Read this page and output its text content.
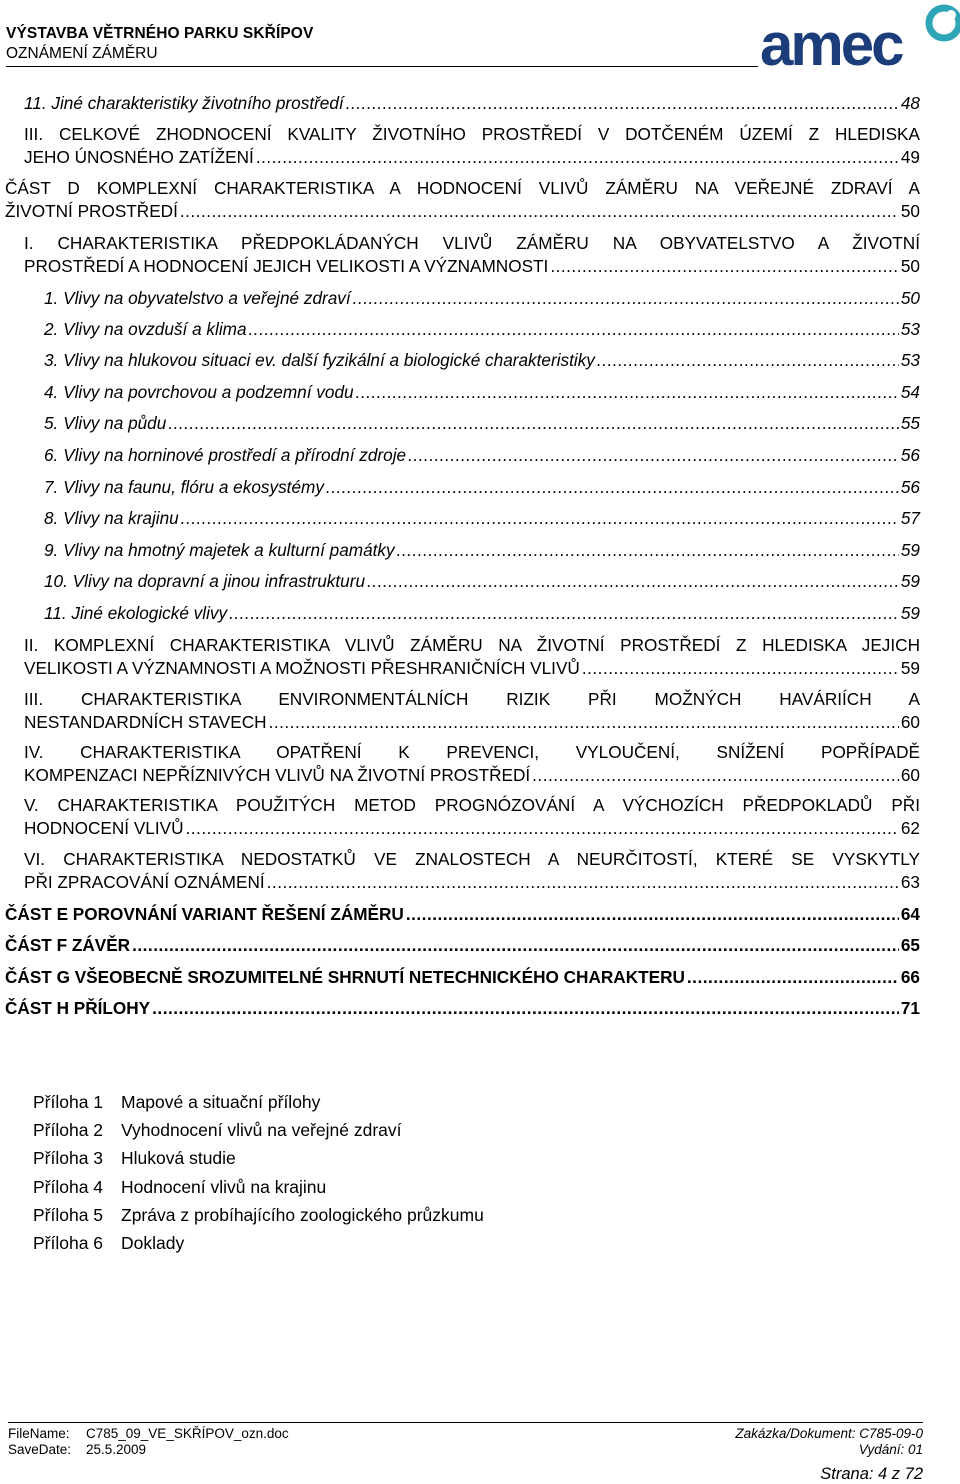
VÝSTAVBA VĚTRNÉHO PARKU SKŘÍPOV
OZNÁMENÍ ZÁMĚRU	amec
11. Jiné charakteristiky životního prostředí .....	48
III. CELKOVÉ ZHODNOCENÍ KVALITY ŽIVOTNÍHO PROSTŘEDÍ V DOTČENÉM ÚZEMÍ Z HLEDISKA
JEHO ÚNOSNÉHO ZATÍŽENÍ .....	49
ČÁST D KOMPLEXNÍ CHARAKTERISTIKA A HODNOCENÍ VLIVŮ ZÁMĚRU NA VEŘEJNÉ ZDRAVÍ A
ŽIVOTNÍ PROSTŘEDÍ .....	50
I. CHARAKTERISTIKA PŘEDPOKLÁDANÝCH VLIVŮ ZÁMĚRU NA OBYVATELSTVO A ŽIVOTNÍ
PROSTŘEDÍ A HODNOCENÍ JEJICH VELIKOSTI A VÝZNAMNOSTI .....	50
1. Vlivy na obyvatelstvo a veřejné zdraví .....	50
2. Vlivy na ovzduší a klima .....	53
3. Vlivy na hlukovou situaci ev. další fyzikální a biologické charakteristiky .....	53
4. Vlivy na povrchovou a podzemní vodu .....	54
5. Vlivy na půdu .....	55
6. Vlivy na horninové prostředí a přírodní zdroje .....	56
7. Vlivy na faunu, flóru a ekosystémy .....	56
8. Vlivy na krajinu .....	57
9. Vlivy na hmotný majetek a kulturní památky .....	59
10. Vlivy na dopravní a jinou infrastrukturu .....	59
11. Jiné ekologické vlivy .....	59
II. KOMPLEXNÍ CHARAKTERISTIKA VLIVŮ ZÁMĚRU NA ŽIVOTNÍ PROSTŘEDÍ Z HLEDISKA JEJICH
VELIKOSTI A VÝZNAMNOSTI A MOŽNOSTI PŘESHRANIČNÍCH VLIVŮ .....	59
III. CHARAKTERISTIKA ENVIRONMENTÁLNÍCH RIZIK PŘI MOŽNÝCH HAVÁRIÍCH A
NESTANDARDNÍCH STAVECH .....	60
IV. CHARAKTERISTIKA OPATŘENÍ K PREVENCI, VYLOUČENÍ, SNÍŽENÍ POPŘÍPADĚ
KOMPENZACI NEPŘÍZNIVÝCH VLIVŮ NA ŽIVOTNÍ PROSTŘEDÍ .....	60
V. CHARAKTERISTIKA POUŽITÝCH METOD PROGNÓZOVÁNÍ A VÝCHOZÍCH PŘEDPOKLADŮ PŘI
HODNOCENÍ VLIVŮ .....	62
VI. CHARAKTERISTIKA NEDOSTATKŮ VE ZNALOSTECH A NEURČITOSTÍ, KTERÉ SE VYSKYTLY
PŘI ZPRACOVÁNÍ OZNÁMENÍ .....	63
ČÁST E POROVNÁNÍ VARIANT ŘEŠENÍ ZÁMĚRU .....	64
ČÁST F ZÁVĚR .....	65
ČÁST G VŠEOBECNĚ SROZUMITELNÉ SHRNUTÍ NETECHNICKÉHO CHARAKTERU .....	66
ČÁST H PŘÍLOHY .....	71
Příloha 1	Mapové a situační přílohy
Příloha 2	Vyhodnocení vlivů na veřejné zdraví
Příloha 3	Hluková studie
Příloha 4	Hodnocení vlivů na krajinu
Příloha 5	Zpráva z probíhajícího zoologického průzkumu
Příloha 6	Doklady
FileName: C785_09_VE_SKŘÍPOV_ozn.doc
SaveDate: 25.5.2009
Zakázka/Dokument: C785-09-0
Vydání: 01
Strana: 4 z 72
